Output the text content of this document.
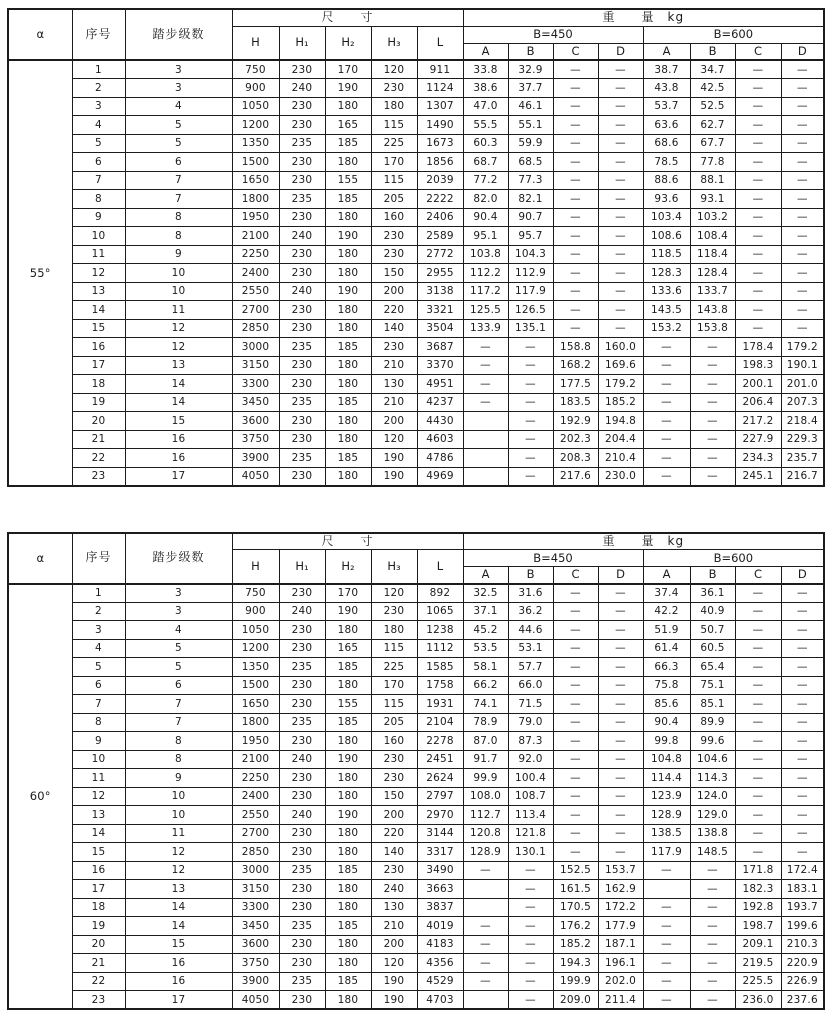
α	序号	踏步级数	尺　　寸					重　　量　kg							
			H	H₁	H₂	H₃	L	B=450				B=600			
								A	B	C	D	A	B	C	D
55°	1	3	750	230	170	120	911	33.8	32.9	—	—	38.7	34.7	—	—
	2	3	900	240	190	230	1124	38.6	37.7	—	—	43.8	42.5	—	—
	3	4	1050	230	180	180	1307	47.0	46.1	—	—	53.7	52.5	—	—
	4	5	1200	230	165	115	1490	55.5	55.1	—	—	63.6	62.7	—	—
	5	5	1350	235	185	225	1673	60.3	59.9	—	—	68.6	67.7	—	—
	6	6	1500	230	180	170	1856	68.7	68.5	—	—	78.5	77.8	—	—
	7	7	1650	230	155	115	2039	77.2	77.3	—	—	88.6	88.1	—	—
	8	7	1800	235	185	205	2222	82.0	82.1	—	—	93.6	93.1	—	—
	9	8	1950	230	180	160	2406	90.4	90.7	—	—	103.4	103.2	—	—
	10	8	2100	240	190	230	2589	95.1	95.7	—	—	108.6	108.4	—	—
	11	9	2250	230	180	230	2772	103.8	104.3	—	—	118.5	118.4	—	—
	12	10	2400	230	180	150	2955	112.2	112.9	—	—	128.3	128.4	—	—
	13	10	2550	240	190	200	3138	117.2	117.9	—	—	133.6	133.7	—	—
	14	11	2700	230	180	220	3321	125.5	126.5	—	—	143.5	143.8	—	—
	15	12	2850	230	180	140	3504	133.9	135.1	—	—	153.2	153.8	—	—
	16	12	3000	235	185	230	3687	—	—	158.8	160.0	—	—	178.4	179.2
	17	13	3150	230	180	210	3370	—	—	168.2	169.6	—	—	198.3	190.1
	18	14	3300	230	180	130	4951	—	—	177.5	179.2	—	—	200.1	201.0
	19	14	3450	235	185	210	4237	—	—	183.5	185.2	—	—	206.4	207.3
	20	15	3600	230	180	200	4430		—	192.9	194.8	—	—	217.2	218.4
	21	16	3750	230	180	120	4603		—	202.3	204.4	—	—	227.9	229.3
	22	16	3900	235	185	190	4786		—	208.3	210.4	—	—	234.3	235.7
	23	17	4050	230	180	190	4969		—	217.6	230.0	—	—	245.1	216.7
α	序号	踏步级数	尺　　寸					重　　量　kg							
			H	H₁	H₂	H₃	L	B=450				B=600			
								A	B	C	D	A	B	C	D
60°	1	3	750	230	170	120	892	32.5	31.6	—	—	37.4	36.1	—	—
	2	3	900	240	190	230	1065	37.1	36.2	—	—	42.2	40.9	—	—
	3	4	1050	230	180	180	1238	45.2	44.6	—	—	51.9	50.7	—	—
	4	5	1200	230	165	115	1112	53.5	53.1	—	—	61.4	60.5	—	—
	5	5	1350	235	185	225	1585	58.1	57.7	—	—	66.3	65.4	—	—
	6	6	1500	230	180	170	1758	66.2	66.0	—	—	75.8	75.1	—	—
	7	7	1650	230	155	115	1931	74.1	71.5	—	—	85.6	85.1	—	—
	8	7	1800	235	185	205	2104	78.9	79.0	—	—	90.4	89.9	—	—
	9	8	1950	230	180	160	2278	87.0	87.3	—	—	99.8	99.6	—	—
	10	8	2100	240	190	230	2451	91.7	92.0	—	—	104.8	104.6	—	—
	11	9	2250	230	180	230	2624	99.9	100.4	—	—	114.4	114.3	—	—
	12	10	2400	230	180	150	2797	108.0	108.7	—	—	123.9	124.0	—	—
	13	10	2550	240	190	200	2970	112.7	113.4	—	—	128.9	129.0	—	—
	14	11	2700	230	180	220	3144	120.8	121.8	—	—	138.5	138.8	—	—
	15	12	2850	230	180	140	3317	128.9	130.1	—	—	117.9	148.5	—	—
	16	12	3000	235	185	230	3490	—	—	152.5	153.7	—	—	171.8	172.4
	17	13	3150	230	180	240	3663		—	161.5	162.9		—	182.3	183.1
	18	14	3300	230	180	130	3837		—	170.5	172.2	—	—	192.8	193.7
	19	14	3450	235	185	210	4019	—	—	176.2	177.9	—	—	198.7	199.6
	20	15	3600	230	180	200	4183	—	—	185.2	187.1	—	—	209.1	210.3
	21	16	3750	230	180	120	4356	—	—	194.3	196.1	—	—	219.5	220.9
	22	16	3900	235	185	190	4529	—	—	199.9	202.0	—	—	225.5	226.9
	23	17	4050	230	180	190	4703		—	209.0	211.4	—	—	236.0	237.6
